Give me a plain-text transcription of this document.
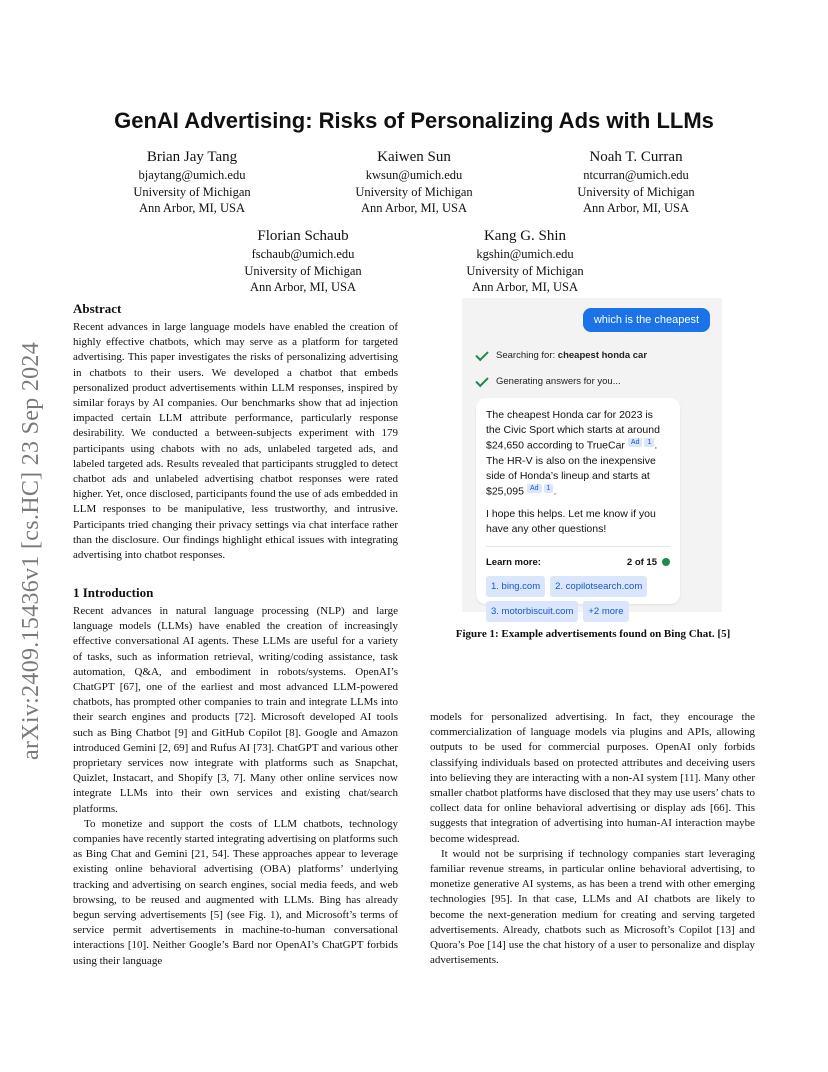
arXiv:2409.15436v1 [cs.HC] 23 Sep 2024
GenAI Advertising: Risks of Personalizing Ads with LLMs
Brian Jay Tang
bjaytang@umich.edu
University of Michigan
Ann Arbor, MI, USA
Kaiwen Sun
kwsun@umich.edu
University of Michigan
Ann Arbor, MI, USA
Noah T. Curran
ntcurran@umich.edu
University of Michigan
Ann Arbor, MI, USA
Florian Schaub
fschaub@umich.edu
University of Michigan
Ann Arbor, MI, USA
Kang G. Shin
kgshin@umich.edu
University of Michigan
Ann Arbor, MI, USA
Abstract

Recent advances in large language models have enabled the creation of highly effective chatbots, which may serve as a platform for targeted advertising. This paper investigates the risks of personalizing advertising in chatbots to their users. We developed a chatbot that embeds personalized product advertisements within LLM responses, inspired by similar forays by AI companies. Our benchmarks show that ad injection impacted certain LLM attribute performance, particularly response desirability. We conducted a between-subjects experiment with 179 participants using chabots with no ads, unlabeled targeted ads, and labeled targeted ads. Results revealed that participants struggled to detect chatbot ads and unlabeled advertising chatbot responses were rated higher. Yet, once disclosed, participants found the use of ads embedded in LLM responses to be manipulative, less trustworthy, and intrusive. Participants tried changing their privacy settings via chat interface rather than the disclosure. Our findings highlight ethical issues with integrating advertising into chatbot responses.

1 Introduction

Recent advances in natural language processing (NLP) and large language models (LLMs) have enabled the creation of increasingly effective conversational AI agents. These LLMs are useful for a variety of tasks, such as information retrieval, writing/coding assistance, task automation, Q&A, and embodiment in robots/systems. OpenAI’s ChatGPT [67], one of the earliest and most advanced LLM-powered chatbots, has prompted other companies to train and integrate LLMs into their search engines and products [72]. Microsoft developed AI tools such as Bing Chatbot [9] and GitHub Copilot [8]. Google and Amazon introduced Gemini [2, 69] and Rufus AI [73]. ChatGPT and various other proprietary services now integrate with platforms such as Snapchat, Quizlet, Instacart, and Shopify [3, 7]. Many other online services now integrate LLMs into their own services and existing chat/search platforms.

To monetize and support the costs of LLM chatbots, technology companies have recently started integrating advertising on platforms such as Bing Chat and Gemini [21, 54]. These approaches appear to leverage existing online behavioral advertising (OBA) platforms’ underlying tracking and advertising on search engines, social media feeds, and web browsing, to be reused and augmented with LLMs. Bing has already begun serving advertisements [5] (see Fig. 1), and Microsoft’s terms of service permit advertisements in machine-to-human conversational interactions [10]. Neither Google’s Bard nor OpenAI’s ChatGPT forbids using their language

models for personalized advertising. In fact, they encourage the commercialization of language models via plugins and APIs, allowing outputs to be used for commercial purposes. OpenAI only forbids classifying individuals based on protected attributes and deceiving users into believing they are interacting with a non-AI system [11]. Many other smaller chatbot platforms have disclosed that they may use users’ chats to collect data for online behavioral advertising or display ads [66]. This suggests that integration of advertising into human-AI interaction maybe become widespread.

It would not be surprising if technology companies start leveraging familiar revenue streams, in particular online behavioral advertising, to monetize generative AI systems, as has been a trend with other emerging technologies [95]. In that case, LLMs and AI chatbots are likely to become the next-generation medium for creating and serving targeted advertisements. Already, chatbots such as Microsoft’s Copilot [13] and Quora’s Poe [14] use the chat history of a user to personalize and display advertisements.

which is the cheapest
Searching for: cheapest honda car
Generating answers for you...
The cheapest Honda car for 2023 is the Civic Sport which starts at around $24,650 according to TrueCar Ad 1 . The HR-V is also on the inexpensive side of Honda’s lineup and starts at $25,095 Ad 1 .
I hope this helps. Let me know if you have any other questions!
Learn more:	2 of 15
1. bing.com	2. copilotsearch.com
3. motorbiscuit.com	+2 more
Figure 1: Example advertisements found on Bing Chat. [5]
